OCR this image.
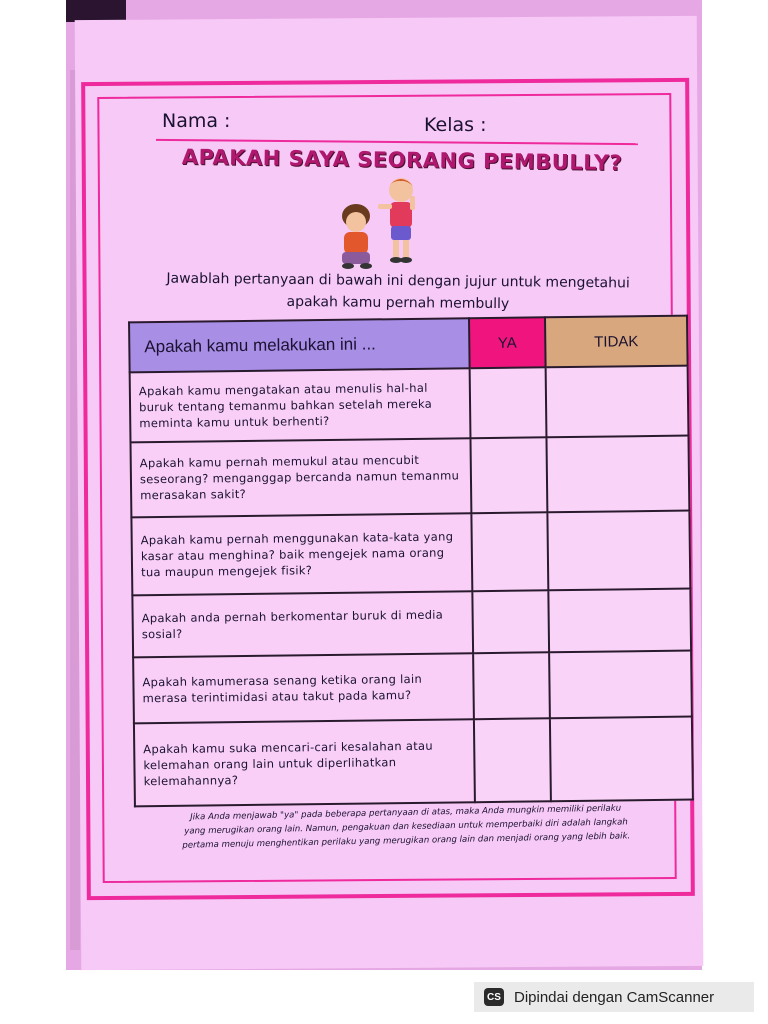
Nama :	Kelas :
APAKAH SAYA SEORANG PEMBULLY?
Jawablah pertanyaan di bawah ini dengan jujur untuk mengetahui
apakah kamu pernah membully
Apakah kamu melakukan ini ...	YA	TIDAK
Apakah kamu mengatakan atau menulis hal-hal buruk tentang temanmu bahkan setelah mereka meminta kamu untuk berhenti?		
Apakah kamu pernah memukul atau mencubit seseorang? menganggap bercanda namun temanmu merasakan sakit?		
Apakah kamu pernah menggunakan kata-kata yang kasar atau menghina? baik mengejek nama orang tua maupun mengejek fisik?		
Apakah anda pernah berkomentar buruk di media sosial?		
Apakah kamumerasa senang ketika orang lain merasa terintimidasi atau takut pada kamu?		
Apakah kamu suka mencari-cari kesalahan atau kelemahan orang lain untuk diperlihatkan kelemahannya?		
Jika Anda menjawab "ya" pada beberapa pertanyaan di atas, maka Anda mungkin memiliki perilaku
yang merugikan orang lain. Namun, pengakuan dan kesediaan untuk memperbaiki diri adalah langkah
pertama menuju menghentikan perilaku yang merugikan orang lain dan menjadi orang yang lebih baik.
CS Dipindai dengan CamScanner
